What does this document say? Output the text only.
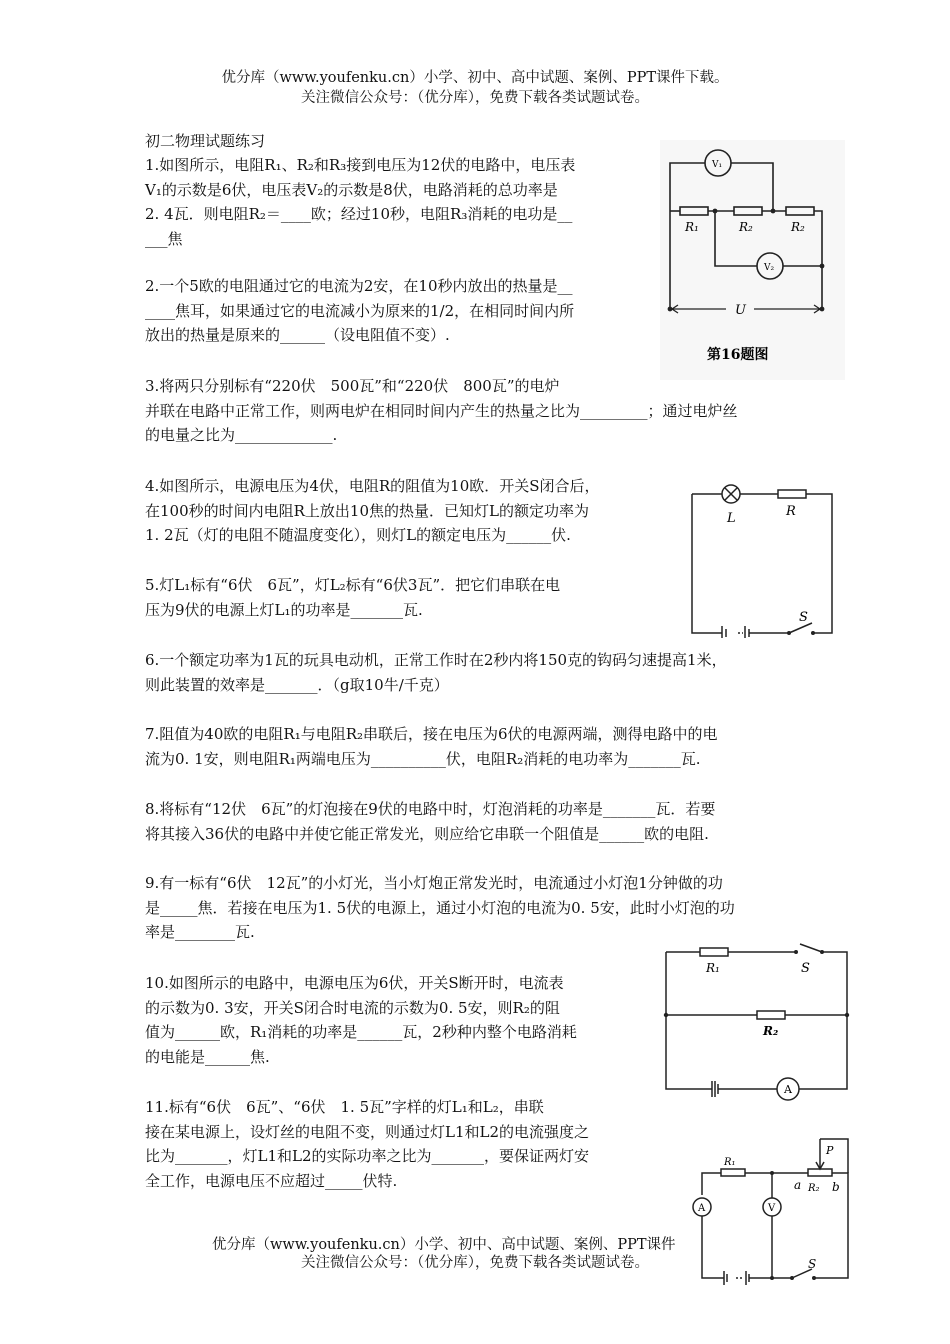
优分库（www.youfenku.cn）小学、初中、高中试题、案例、PPT课件下载。
关注微信公众号：（优分库），免费下载各类试题试卷。

初二物理试题练习

1.如图所示，电阻R₁、R₂和R₃接到电压为12伏的电路中，电压表
V₁的示数是6伏，电压表V₂的示数是8伏，电路消耗的总功率是
2. 4瓦．则电阻R₂＝____欧；经过10秒，电阻R₃消耗的电功是__
___焦

2.一个5欧的电阻通过它的电流为2安，在10秒内放出的热量是__
____焦耳，如果通过它的电流减小为原来的1/2，在相同时间内所
放出的热量是原来的______（设电阻值不变）.

3.将两只分别标有“220伏　500瓦”和“220伏　800瓦”的电炉
并联在电路中正常工作，则两电炉在相同时间内产生的热量之比为_________；通过电炉丝
的电量之比为_____________.

4.如图所示，电源电压为4伏，电阻R的阻值为10欧．开关S闭合后，
在100秒的时间内电阻R上放出10焦的热量．已知灯L的额定功率为
1. 2瓦（灯的电阻不随温度变化），则灯L的额定电压为______伏.

5.灯L₁标有“6伏　6瓦”，灯L₂标有“6伏3瓦”．把它们串联在电
压为9伏的电源上灯L₁的功率是_______瓦.

6.一个额定功率为1瓦的玩具电动机，正常工作时在2秒内将150克的钩码匀速提高1米，
则此装置的效率是_______．（g取10牛/千克）

7.阻值为40欧的电阻R₁与电阻R₂串联后，接在电压为6伏的电源两端，测得电路中的电
流为0. 1安，则电阻R₁两端电压为__________伏，电阻R₂消耗的电功率为_______瓦.

8.将标有“12伏　6瓦”的灯泡接在9伏的电路中时，灯泡消耗的功率是_______瓦．若要
将其接入36伏的电路中并使它能正常发光，则应给它串联一个阻值是______欧的电阻.

9.有一标有“6伏　12瓦”的小灯光，当小灯炮正常发光时，电流通过小灯泡1分钟做的功
是_____焦．若接在电压为1. 5伏的电源上，通过小灯泡的电流为0. 5安，此时小灯泡的功
率是________瓦.

10.如图所示的电路中，电源电压为6伏，开关S断开时，电流表
的示数为0. 3安，开关S闭合时电流的示数为0. 5安，则R₂的阻
值为______欧，R₁消耗的功率是______瓦，2秒种内整个电路消耗
的电能是______焦.

11.标有“6伏　6瓦”、“6伏　1. 5瓦”字样的灯L₁和L₂，串联
接在某电源上，设灯丝的电阻不变，则通过灯L1和L2的电流强度之
比为_______，灯L1和L2的实际功率之比为_______，要保证两灯安
全工作，电源电压不应超过_____伏特.

V₁
V₂
R₁	R₂	R₂
U
第16题图
L	R
S
R₁	S
R₂
A
R₁
P
a R₂ b
A	V
S
优分库（www.youfenku.cn）小学、初中、高中试题、案例、PPT课件
关注微信公众号：（优分库），免费下载各类试题试卷。
